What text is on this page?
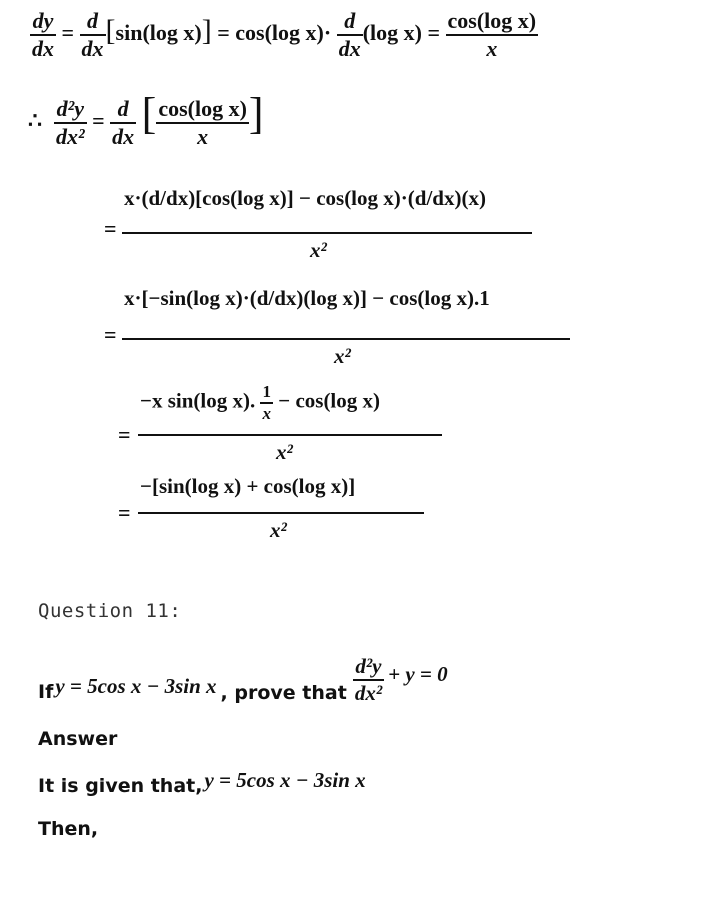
$\frac{dy}{dx} = \frac{d}{dx} [\sin(\log$ x)] = cos(log $x)\cdot \frac{d}{dx} (\log$ $x) = \frac{\text{cos(log x)}}{x}$
∴ $\frac{\text{d²y}}{\text{dx²}} = \frac{d}{dx}$ [ $\frac{\text{cos(log x)}}{x}$ ]
=
x·(d/dx)[cos(log x)] − cos(log x)·(d/dx)(x)
x²
=
x·[−sin(log x)·(d/dx)(log x)] − cos(log x).1
x²
=
−x sin(log x). $\frac{1}{x} - \cos(\log$ x)
x²
=
−[sin(log x) + cos(log x)]
x²
Question 11:
If y = 5cos x − 3sin x , prove that $\frac{\text{d²y}}{\text{dx²}} + y = 0$
Answer
It is given that, y = 5cos x − 3sin x
Then,
